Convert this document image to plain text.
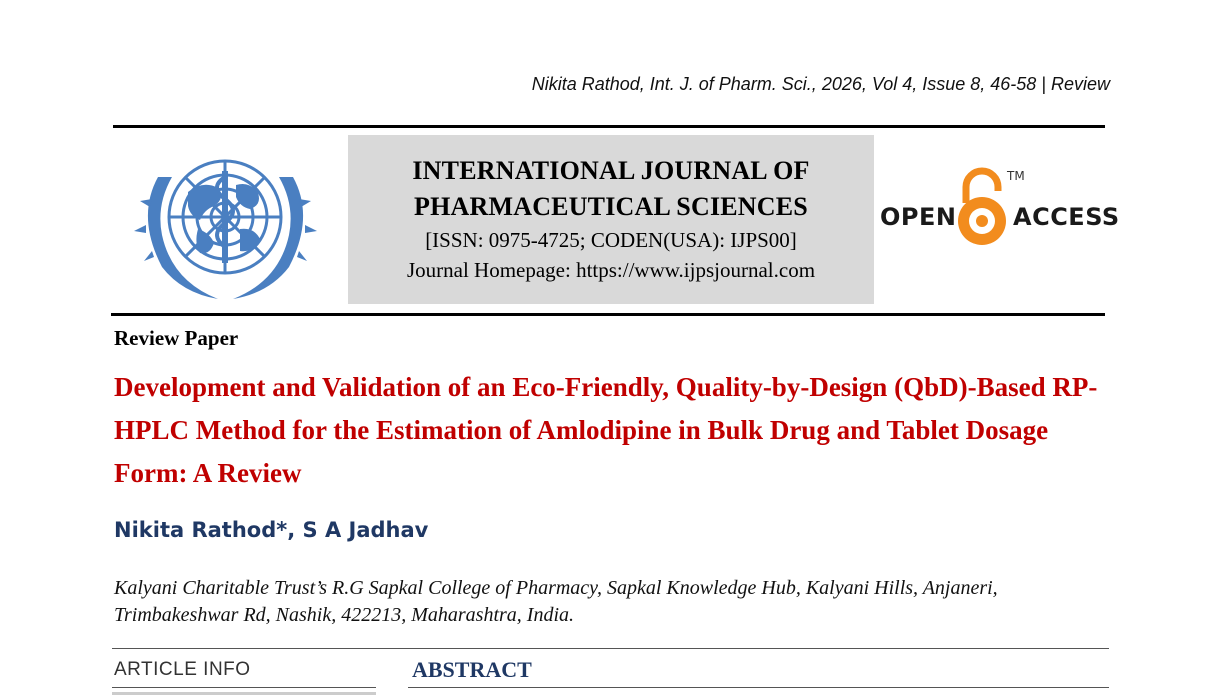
Nikita Rathod, Int. J. of Pharm. Sci., 2026, Vol 4, Issue 8, 46-58 | Review
INTERNATIONAL JOURNAL OF
PHARMACEUTICAL SCIENCES
[ISSN: 0975-4725; CODEN(USA): IJPS00]
Journal Homepage: https://www.ijpsjournal.com
OPEN
TM
ACCESS
Review Paper
Development and Validation of an Eco-Friendly, Quality-by-Design (QbD)-Based RP-HPLC Method for the Estimation of Amlodipine in Bulk Drug and Tablet Dosage Form: A Review
Nikita Rathod*, S A Jadhav
Kalyani Charitable Trust’s R.G Sapkal College of Pharmacy, Sapkal Knowledge Hub, Kalyani Hills, Anjaneri, Trimbakeshwar Rd, Nashik, 422213, Maharashtra, India.
ARTICLE INFO	ABSTRACT
